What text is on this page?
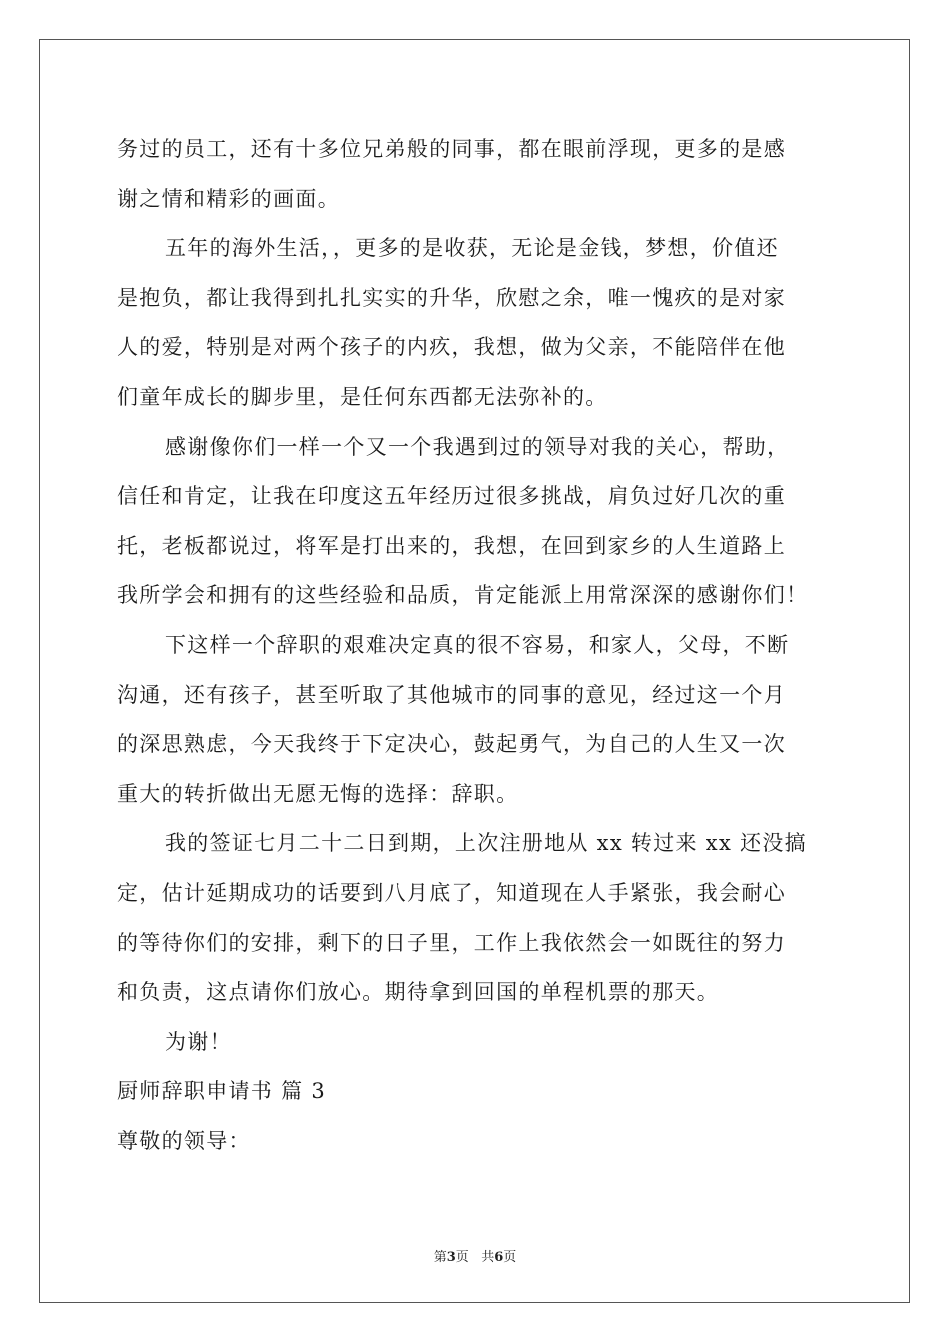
务过的员工，还有十多位兄弟般的同事，都在眼前浮现，更多的是感
谢之情和精彩的画面。
五年的海外生活，，更多的是收获，无论是金钱，梦想，价值还
是抱负，都让我得到扎扎实实的升华，欣慰之余，唯一愧疚的是对家
人的爱，特别是对两个孩子的内疚，我想，做为父亲，不能陪伴在他
们童年成长的脚步里，是任何东西都无法弥补的。
感谢像你们一样一个又一个我遇到过的领导对我的关心，帮助，
信任和肯定，让我在印度这五年经历过很多挑战，肩负过好几次的重
托，老板都说过，将军是打出来的，我想，在回到家乡的人生道路上
我所学会和拥有的这些经验和品质，肯定能派上用常深深的感谢你们！
下这样一个辞职的艰难决定真的很不容易，和家人，父母，不断
沟通，还有孩子，甚至听取了其他城市的同事的意见，经过这一个月
的深思熟虑，今天我终于下定决心，鼓起勇气，为自己的人生又一次
重大的转折做出无愿无悔的选择：辞职。
我的签证七月二十二日到期，上次注册地从 xx 转过来 xx 还没搞
定，估计延期成功的话要到八月底了，知道现在人手紧张，我会耐心
的等待你们的安排，剩下的日子里，工作上我依然会一如既往的努力
和负责，这点请你们放心。期待拿到回国的单程机票的那天。
为谢！
厨师辞职申请书 篇 3
尊敬的领导：
第3页   共6页
